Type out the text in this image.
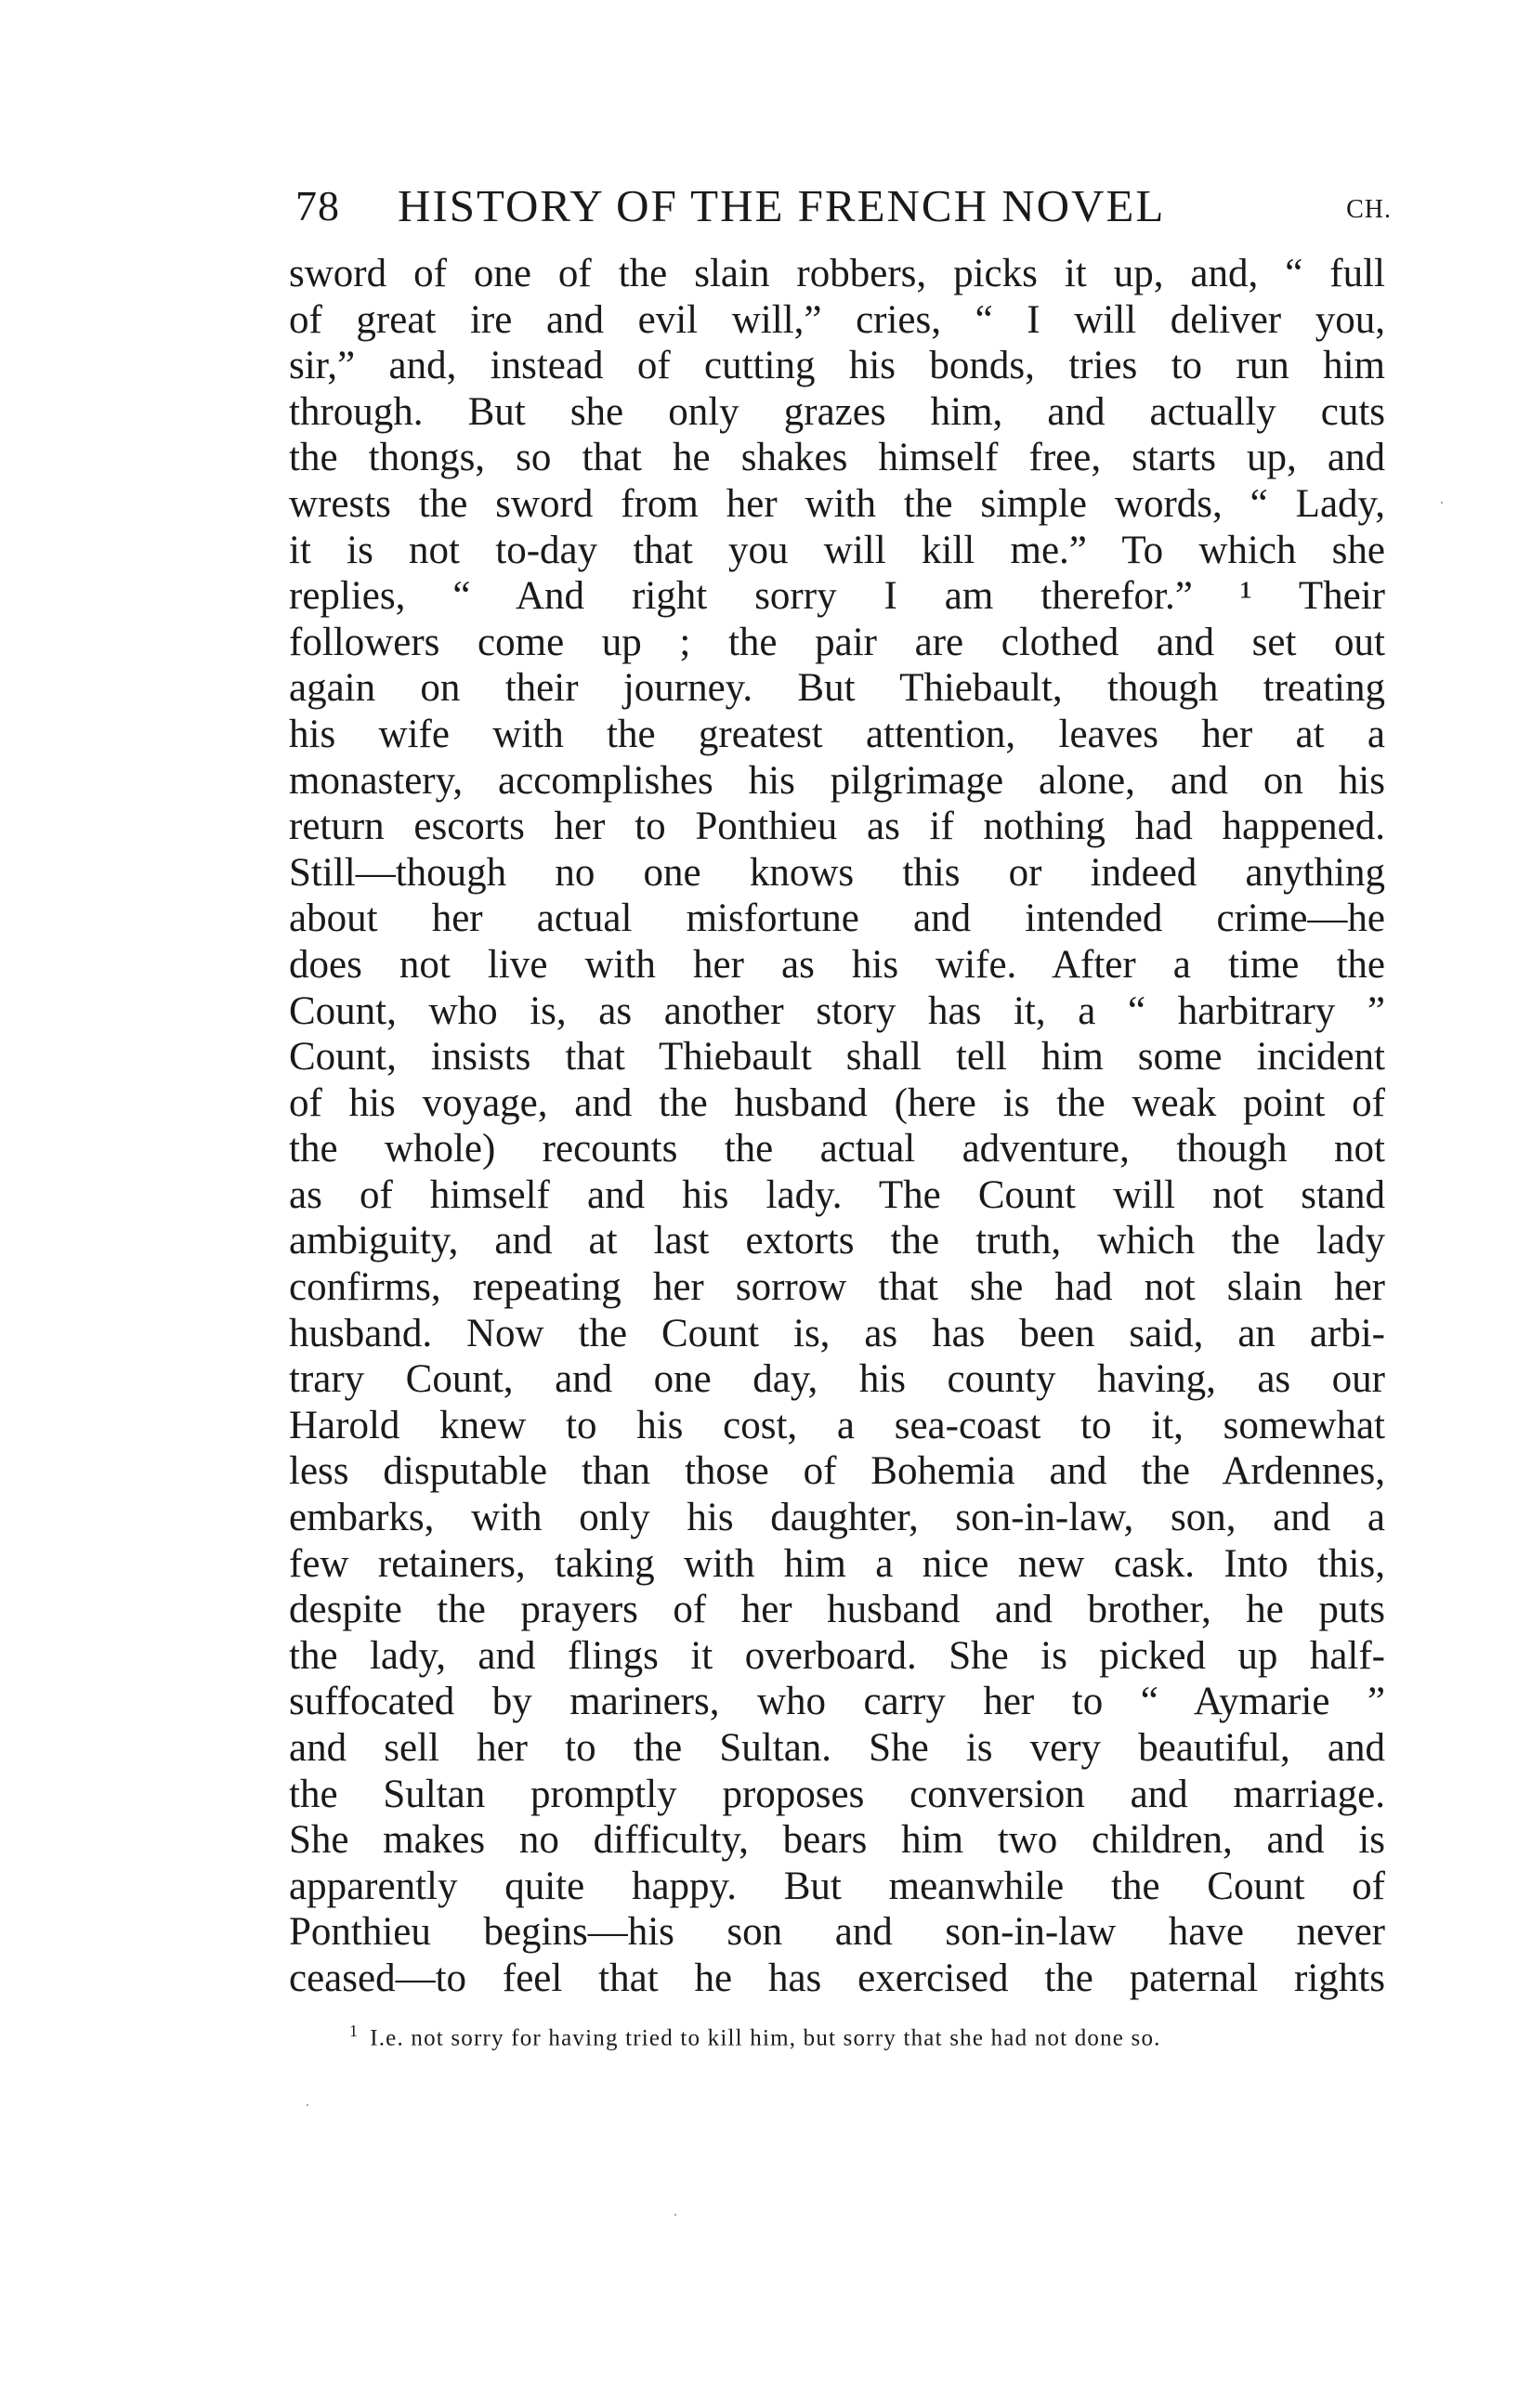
78 HISTORY OF THE FRENCH NOVEL	CH.
sword of one of the slain robbers, picks it up, and, “ full
of great ire and evil will,” cries, “ I will deliver you,
sir,” and, instead of cutting his bonds, tries to run him
through. But she only grazes him, and actually cuts
the thongs, so that he shakes himself free, starts up, and
wrests the sword from her with the simple words, “ Lady,
it is not to-day that you will kill me.” To which she
replies, “ And right sorry I am therefor.” ¹ Their
followers come up ; the pair are clothed and set out
again on their journey. But Thiebault, though treating
his wife with the greatest attention, leaves her at a
monastery, accomplishes his pilgrimage alone, and on his
return escorts her to Ponthieu as if nothing had happened.
Still—though no one knows this or indeed anything
about her actual misfortune and intended crime—he
does not live with her as his wife. After a time the
Count, who is, as another story has it, a “ harbitrary ”
Count, insists that Thiebault shall tell him some incident
of his voyage, and the husband (here is the weak point of
the whole) recounts the actual adventure, though not
as of himself and his lady. The Count will not stand
ambiguity, and at last extorts the truth, which the lady
confirms, repeating her sorrow that she had not slain her
husband. Now the Count is, as has been said, an arbi-
trary Count, and one day, his county having, as our
Harold knew to his cost, a sea-coast to it, somewhat
less disputable than those of Bohemia and the Ardennes,
embarks, with only his daughter, son-in-law, son, and a
few retainers, taking with him a nice new cask. Into this,
despite the prayers of her husband and brother, he puts
the lady, and flings it overboard. She is picked up half-
suffocated by mariners, who carry her to “ Aymarie ”
and sell her to the Sultan. She is very beautiful, and
the Sultan promptly proposes conversion and marriage.
She makes no difficulty, bears him two children, and is
apparently quite happy. But meanwhile the Count of
Ponthieu begins—his son and son-in-law have never
ceased—to feel that he has exercised the paternal rights
$^1$ I.e. not sorry for having tried to kill him, but sorry that she had not done so.
